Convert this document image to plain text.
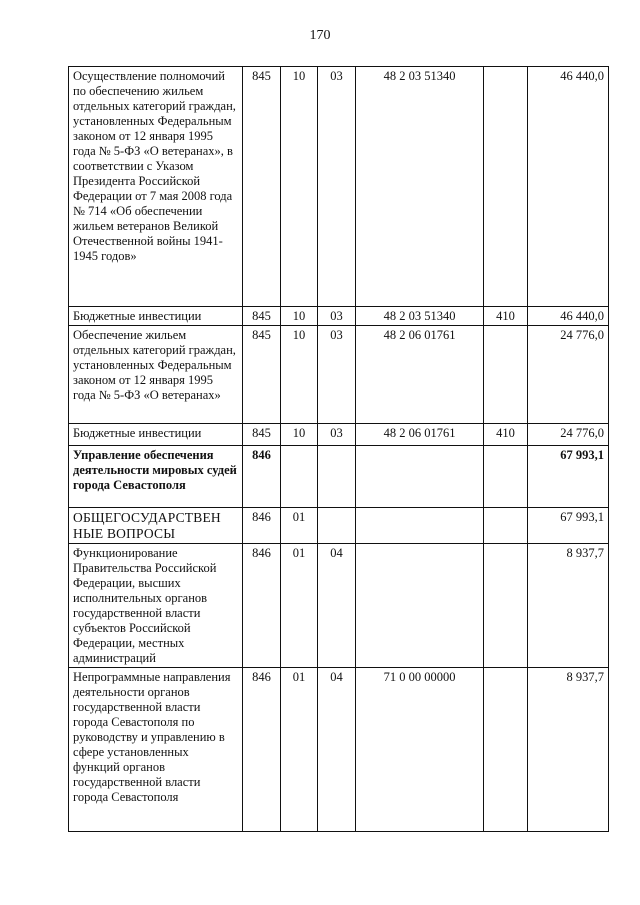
170
Осуществление полномочий по обеспечению жильем отдельных категорий граждан, установленных Федеральным законом от 12 января 1995 года № 5-ФЗ «О ветеранах», в соответствии с Указом Президента Российской Федерации от 7 мая 2008 года № 714 «Об обеспечении жильем ветеранов Великой Отечественной войны 1941-1945 годов»	845	10	03	48 2 03 51340		46 440,0
Бюджетные инвестиции	845	10	03	48 2 03 51340	410	46 440,0
Обеспечение жильем отдельных категорий граждан, установленных Федеральным законом от 12 января 1995 года № 5-ФЗ «О ветеранах»	845	10	03	48 2 06 01761		24 776,0
Бюджетные инвестиции	845	10	03	48 2 06 01761	410	24 776,0
Управление обеспечения деятельности мировых судей города Севастополя	846					67 993,1
ОБЩЕГОСУДАРСТВЕН НЫЕ ВОПРОСЫ	846	01				67 993,1
Функционирование Правительства Российской Федерации, высших исполнительных органов государственной власти субъектов Российской Федерации, местных администраций	846	01	04			8 937,7
Непрограммные направления деятельности органов государственной власти города Севастополя по руководству и управлению в сфере установленных функций органов государственной власти города Севастополя	846	01	04	71 0 00 00000		8 937,7
